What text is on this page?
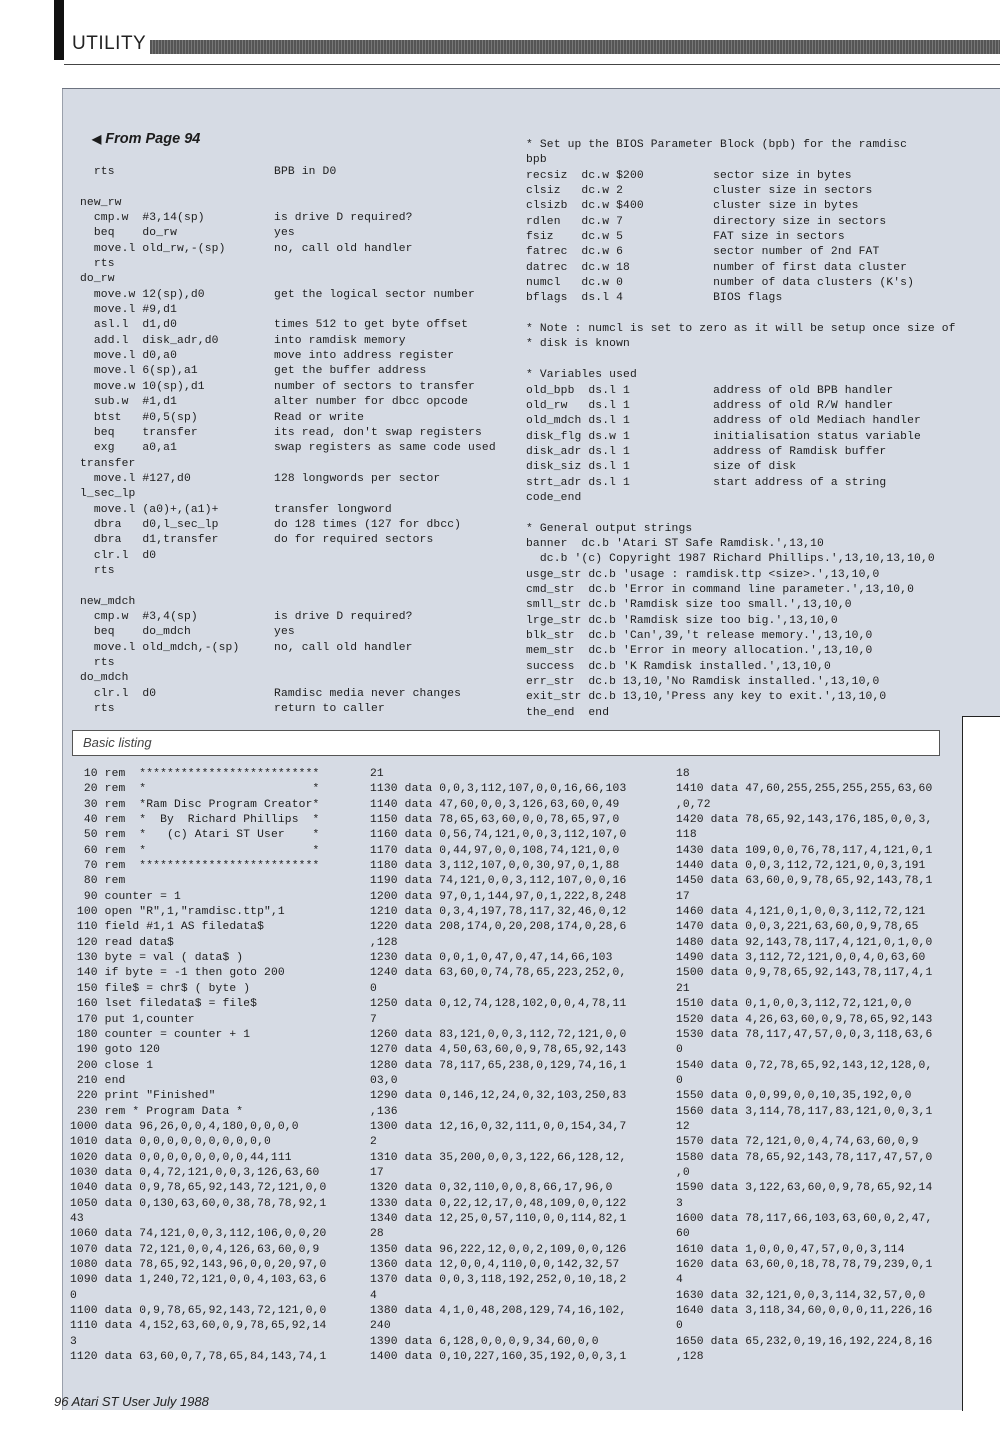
UTILITY
◀ From Page 94
rts                       BPB in D0

new_rw
cmp.w  #3,14(sp)          is drive D required?
beq    do_rw              yes
move.l old_rw,-(sp)       no, call old handler
rts
do_rw
move.w 12(sp),d0          get the logical sector number
move.l #9,d1
asl.l  d1,d0              times 512 to get byte offset
add.l  disk_adr,d0        into ramdisk memory
move.l d0,a0              move into address register
move.l 6(sp),a1           get the buffer address
move.w 10(sp),d1          number of sectors to transfer
sub.w  #1,d1              alter number for dbcc opcode
btst   #0,5(sp)           Read or write
beq    transfer           its read, don't swap registers
exg    a0,a1              swap registers as same code used
transfer
move.l #127,d0            128 longwords per sector
l_sec_lp
move.l (a0)+,(a1)+        transfer longword
dbra   d0,l_sec_lp        do 128 times (127 for dbcc)
dbra   d1,transfer        do for required sectors
clr.l  d0
rts

new_mdch
cmp.w  #3,4(sp)           is drive D required?
beq    do_mdch            yes
move.l old_mdch,-(sp)     no, call old handler
rts
do_mdch
clr.l  d0                 Ramdisc media never changes
rts                       return to caller
* Set up the BIOS Parameter Block (bpb) for the ramdisc
bpb
recsiz  dc.w $200          sector size in bytes
clsiz   dc.w 2             cluster size in sectors
clsizb  dc.w $400          cluster size in bytes
rdlen   dc.w 7             directory size in sectors
fsiz    dc.w 5             FAT size in sectors
fatrec  dc.w 6             sector number of 2nd FAT
datrec  dc.w 18            number of first data cluster
numcl   dc.w 0             number of data clusters (K's)
bflags  ds.l 4             BIOS flags

* Note : numcl is set to zero as it will be setup once size of
* disk is known

* Variables used
old_bpb  ds.l 1            address of old BPB handler
old_rw   ds.l 1            address of old R/W handler
old_mdch ds.l 1            address of old Mediach handler
disk_flg ds.w 1            initialisation status variable
disk_adr ds.l 1            address of Ramdisk buffer
disk_siz ds.l 1            size of disk
strt_adr ds.l 1            start address of a string
code_end

* General output strings
banner  dc.b 'Atari ST Safe Ramdisk.',13,10
dc.b '(c) Copyright 1987 Richard Phillips.',13,10,13,10,0
usge_str dc.b 'usage : ramdisk.ttp <size>.',13,10,0
cmd_str  dc.b 'Error in command line parameter.',13,10,0
smll_str dc.b 'Ramdisk size too small.',13,10,0
lrge_str dc.b 'Ramdisk size too big.',13,10,0
blk_str  dc.b 'Can',39,'t release memory.',13,10,0
mem_str  dc.b 'Error in meory allocation.',13,10,0
success  dc.b 'K Ramdisk installed.',13,10,0
err_str  dc.b 13,10,'No Ramdisk installed.',13,10,0
exit_str dc.b 13,10,'Press any key to exit.',13,10,0
the_end  end
Basic listing
10 rem  **************************
20 rem  *                        *
30 rem  *Ram Disc Program Creator*
40 rem  *  By  Richard Phillips  *
50 rem  *   (c) Atari ST User    *
60 rem  *                        *
70 rem  **************************
80 rem
90 counter = 1
100 open "R",1,"ramdisc.ttp",1
110 field #1,1 AS filedata$
120 read data$
130 byte = val ( data$ )
140 if byte = -1 then goto 200
150 file$ = chr$ ( byte )
160 lset filedata$ = file$
170 put 1,counter
180 counter = counter + 1
190 goto 120
200 close 1
210 end
220 print "Finished"
230 rem * Program Data *
1000 data 96,26,0,0,4,180,0,0,0,0
1010 data 0,0,0,0,0,0,0,0,0,0
1020 data 0,0,0,0,0,0,0,0,44,111
1030 data 0,4,72,121,0,0,3,126,63,60
1040 data 0,9,78,65,92,143,72,121,0,0
1050 data 0,130,63,60,0,38,78,78,92,1
43
1060 data 74,121,0,0,3,112,106,0,0,20
1070 data 72,121,0,0,4,126,63,60,0,9
1080 data 78,65,92,143,96,0,0,20,97,0
1090 data 1,240,72,121,0,0,4,103,63,6
0
1100 data 0,9,78,65,92,143,72,121,0,0
1110 data 4,152,63,60,0,9,78,65,92,14
3
1120 data 63,60,0,7,78,65,84,143,74,1
21
1130 data 0,0,3,112,107,0,0,16,66,103
1140 data 47,60,0,0,3,126,63,60,0,49
1150 data 78,65,63,60,0,0,78,65,97,0
1160 data 0,56,74,121,0,0,3,112,107,0
1170 data 0,44,97,0,0,108,74,121,0,0
1180 data 3,112,107,0,0,30,97,0,1,88
1190 data 74,121,0,0,3,112,107,0,0,16
1200 data 97,0,1,144,97,0,1,222,8,248
1210 data 0,3,4,197,78,117,32,46,0,12
1220 data 208,174,0,20,208,174,0,28,6
,128
1230 data 0,0,1,0,47,0,47,14,66,103
1240 data 63,60,0,74,78,65,223,252,0,
0
1250 data 0,12,74,128,102,0,0,4,78,11
7
1260 data 83,121,0,0,3,112,72,121,0,0
1270 data 4,50,63,60,0,9,78,65,92,143
1280 data 78,117,65,238,0,129,74,16,1
03,0
1290 data 0,146,12,24,0,32,103,250,83
,136
1300 data 12,16,0,32,111,0,0,154,34,7
2
1310 data 35,200,0,0,3,122,66,128,12,
17
1320 data 0,32,110,0,0,8,66,17,96,0
1330 data 0,22,12,17,0,48,109,0,0,122
1340 data 12,25,0,57,110,0,0,114,82,1
28
1350 data 96,222,12,0,0,2,109,0,0,126
1360 data 12,0,0,4,110,0,0,142,32,57
1370 data 0,0,3,118,192,252,0,10,18,2
4
1380 data 4,1,0,48,208,129,74,16,102,
240
1390 data 6,128,0,0,0,9,34,60,0,0
1400 data 0,10,227,160,35,192,0,0,3,1
18
1410 data 47,60,255,255,255,255,63,60
,0,72
1420 data 78,65,92,143,176,185,0,0,3,
118
1430 data 109,0,0,76,78,117,4,121,0,1
1440 data 0,0,3,112,72,121,0,0,3,191
1450 data 63,60,0,9,78,65,92,143,78,1
17
1460 data 4,121,0,1,0,0,3,112,72,121
1470 data 0,0,3,221,63,60,0,9,78,65
1480 data 92,143,78,117,4,121,0,1,0,0
1490 data 3,112,72,121,0,0,4,0,63,60
1500 data 0,9,78,65,92,143,78,117,4,1
21
1510 data 0,1,0,0,3,112,72,121,0,0
1520 data 4,26,63,60,0,9,78,65,92,143
1530 data 78,117,47,57,0,0,3,118,63,6
0
1540 data 0,72,78,65,92,143,12,128,0,
0
1550 data 0,0,99,0,0,10,35,192,0,0
1560 data 3,114,78,117,83,121,0,0,3,1
12
1570 data 72,121,0,0,4,74,63,60,0,9
1580 data 78,65,92,143,78,117,47,57,0
,0
1590 data 3,122,63,60,0,9,78,65,92,14
3
1600 data 78,117,66,103,63,60,0,2,47,
60
1610 data 1,0,0,0,47,57,0,0,3,114
1620 data 63,60,0,18,78,78,79,239,0,1
4
1630 data 32,121,0,0,3,114,32,57,0,0
1640 data 3,118,34,60,0,0,0,11,226,16
0
1650 data 65,232,0,19,16,192,224,8,16
,128
96 Atari ST User July 1988
